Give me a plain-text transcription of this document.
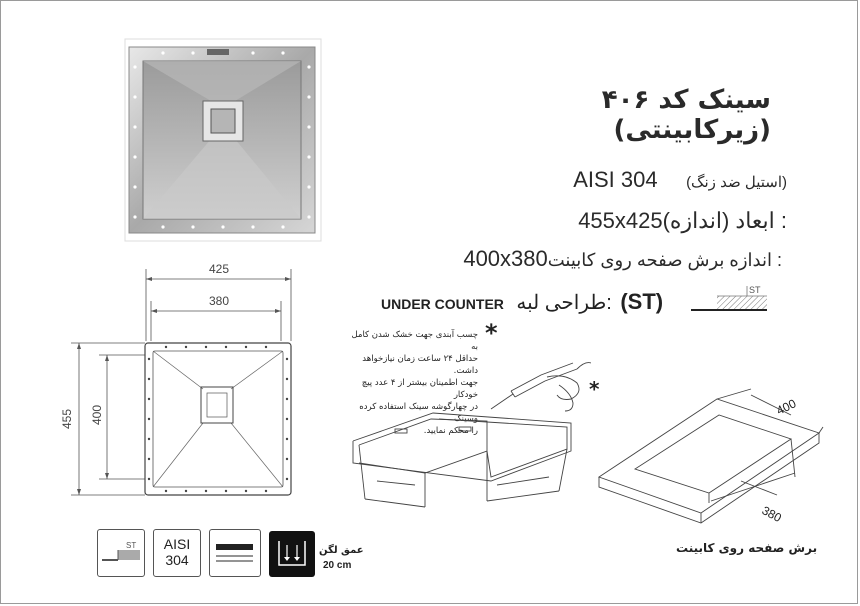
سینک کد ۴۰۶ (زیرکابینتی)
AISI 304 (استیل ضد زنگ)
455x425: ابعاد (اندازه)
400x380 : اندازه برش صفحه روی کابینت
UNDER COUNTER :طراحی لبه (ST)	ST
*
چسب آبندی جهت خشک شدن کامل به
حداقل ۲۴ ساعت زمان نیازخواهد داشت.
جهت اطمینان بیشتر از ۴ عدد پیچ خودکار
در چهارگوشه سینک استفاده کرده وسینک
را محکم نمایید.
*
425
380
455 400	400
380
برش صفحه روی کابینت
ST	AISI
304
عمق لگن
20 cm
